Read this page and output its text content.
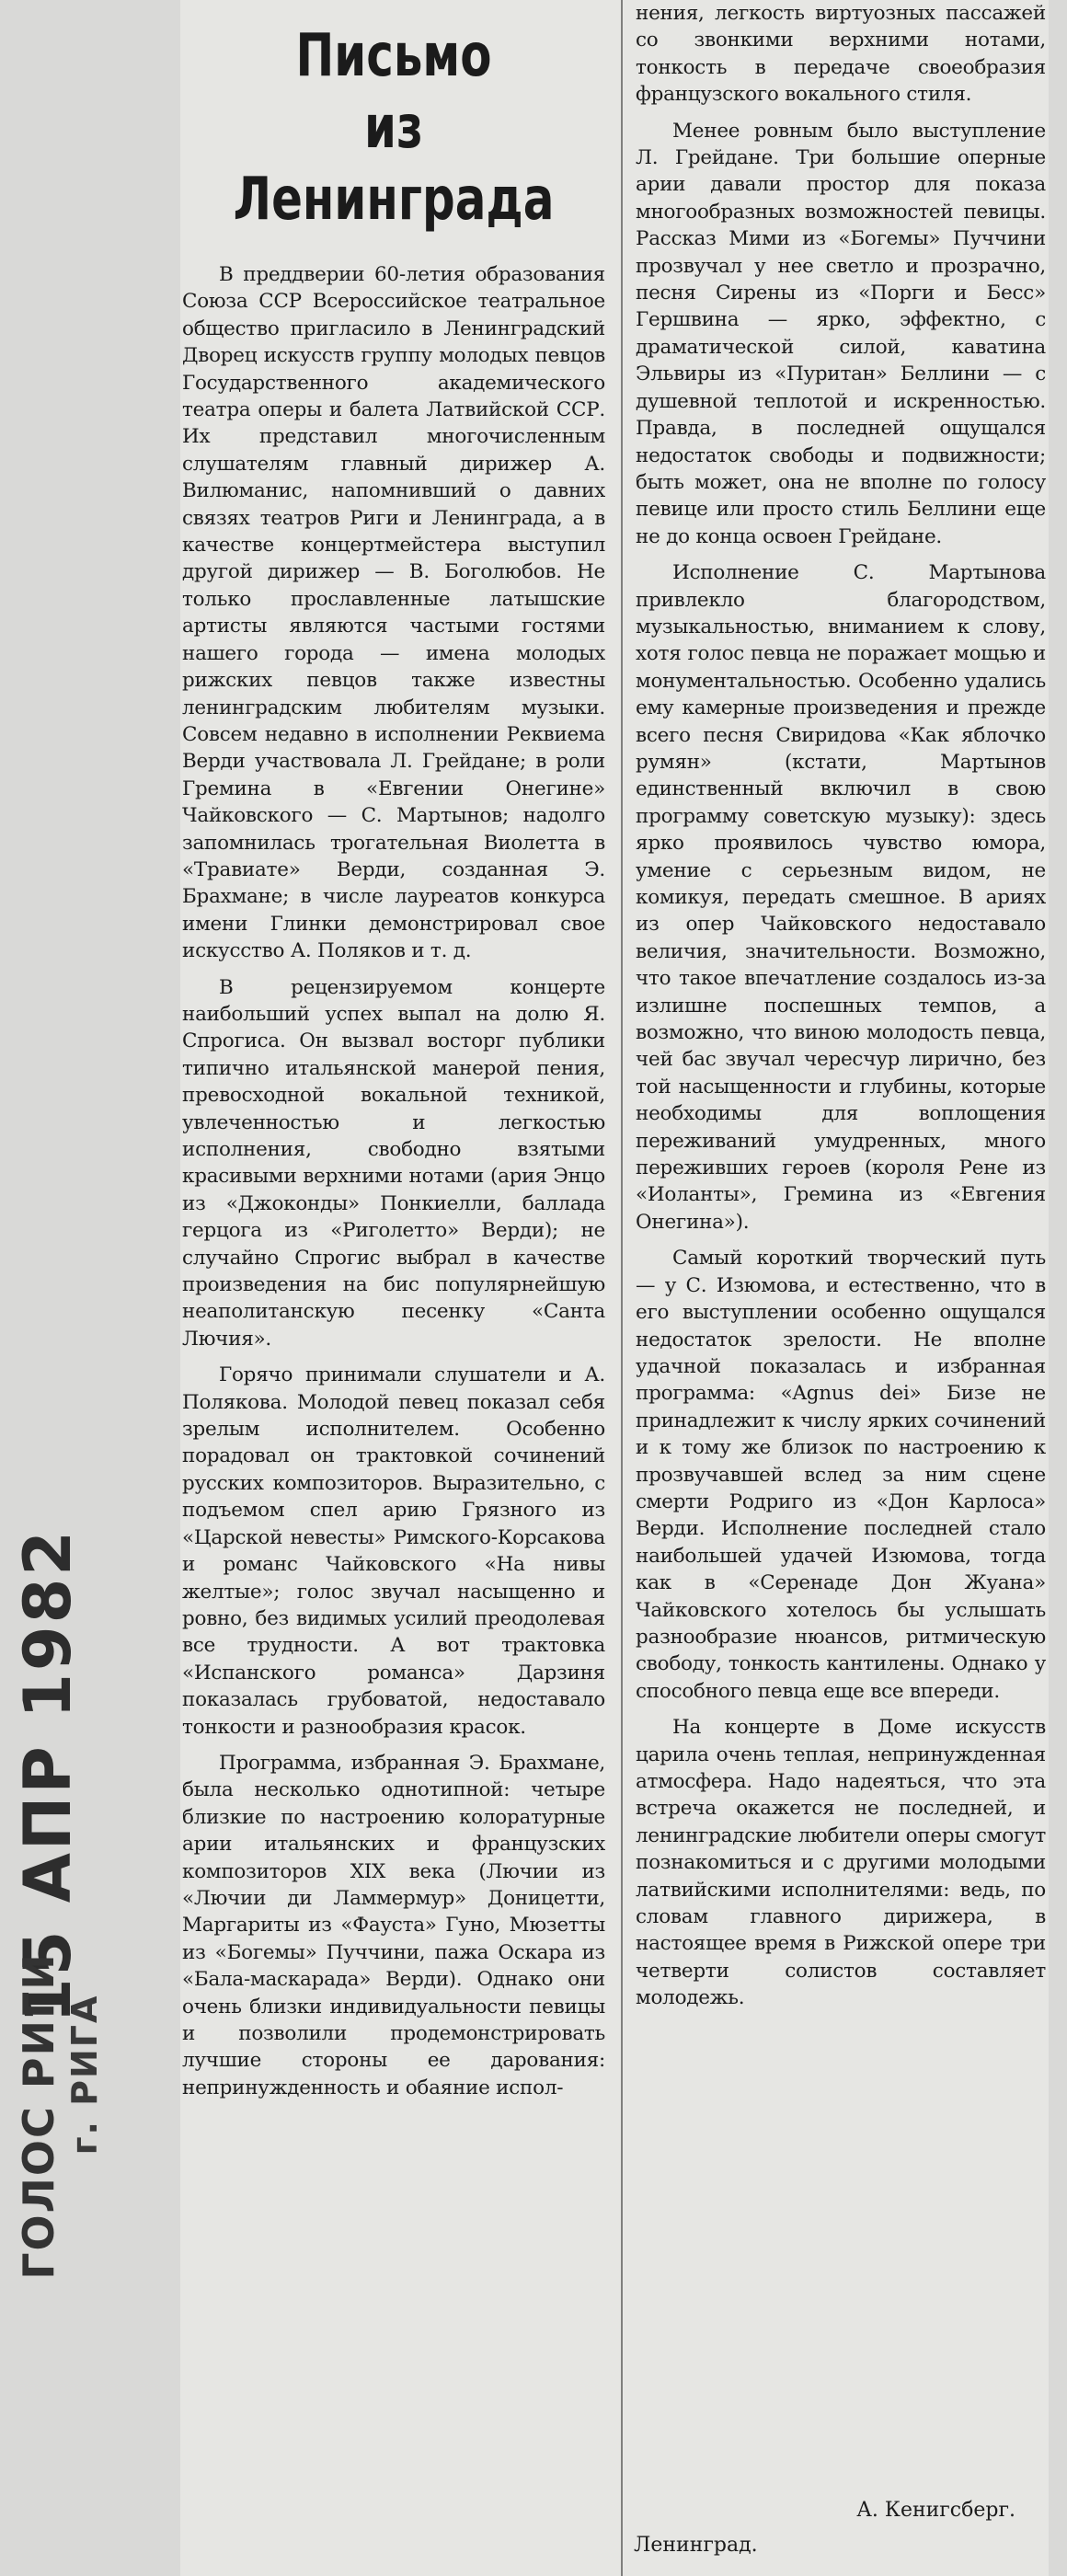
15 АПР 1982
ГОЛОС РИГИ г. РИГА
Письмо
из Ленинграда

В преддверии 60-летия образования Союза ССР Всероссийское театральное общество пригласило в Ленинградский Дворец искусств группу молодых певцов Государственного академического театра оперы и балета Латвийской ССР. Их представил многочисленным слушателям главный дирижер А. Вилюманис, напомнивший о давних связях театров Риги и Ленинграда, а в качестве концертмейстера выступил другой дирижер — В. Боголюбов. Не только прославленные латышские артисты являются частыми гостями нашего города — имена молодых рижских певцов также известны ленинградским любителям музыки. Совсем недавно в исполнении Реквиема Верди участвовала Л. Грейдане; в роли Гремина в «Евгении Онегине» Чайковского — С. Мартынов; надолго запомнилась трогательная Виолетта в «Травиате» Верди, созданная Э. Брахмане; в числе лауреатов конкурса имени Глинки демонстрировал свое искусство А. Поляков и т. д.

В рецензируемом концерте наибольший успех выпал на долю Я. Спрогиса. Он вызвал восторг публики типично итальянской манерой пения, превосходной вокальной техникой, увлеченностью и легкостью исполнения, свободно взятыми красивыми верхними нотами (ария Энцо из «Джоконды» Понкиелли, баллада герцога из «Риголетто» Верди); не случайно Спрогис выбрал в качестве произведения на бис популярнейшую неаполитанскую песенку «Санта Лючия».

Горячо принимали слушатели и А. Полякова. Молодой певец показал себя зрелым исполнителем. Особенно порадовал он трактовкой сочинений русских композиторов. Выразительно, с подъемом спел арию Грязного из «Царской невесты» Римского-Корсакова и романс Чайковского «На нивы желтые»; голос звучал насыщенно и ровно, без видимых усилий преодолевая все трудности. А вот трактовка «Испанского романса» Дарзиня показалась грубоватой, недоставало тонкости и разнообразия красок.

Программа, избранная Э. Брахмане, была несколько однотипной: четыре близкие по настроению колоратурные арии итальянских и французских композиторов XIX века (Лючии из «Лючии ди Ламмермур» Доницетти, Маргариты из «Фауста» Гуно, Мюзетты из «Богемы» Пуччини, пажа Оскара из «Бала-маскарада» Верди). Однако они очень близки индивидуальности певицы и позволили продемонстрировать лучшие стороны ее дарования: непринужденность и обаяние испол-

нения, легкость виртуозных пассажей со звонкими верхними нотами, тонкость в передаче своеобразия французского вокального стиля.

Менее ровным было выступление Л. Грейдане. Три большие оперные арии давали простор для показа многообразных возможностей певицы. Рассказ Мими из «Богемы» Пуччини прозвучал у нее светло и прозрачно, песня Сирены из «Порги и Бесс» Гершвина — ярко, эффектно, с драматической силой, каватина Эльвиры из «Пуритан» Беллини — с душевной теплотой и искренностью. Правда, в последней ощущался недостаток свободы и подвижности; быть может, она не вполне по голосу певице или просто стиль Беллини еще не до конца освоен Грейдане.

Исполнение С. Мартынова привлекло благородством, музыкальностью, вниманием к слову, хотя голос певца не поражает мощью и монументальностью. Особенно удались ему камерные произведения и прежде всего песня Свиридова «Как яблочко румян» (кстати, Мартынов единственный включил в свою программу советскую музыку): здесь ярко проявилось чувство юмора, умение с серьезным видом, не комикуя, передать смешное. В ариях из опер Чайковского недоставало величия, значительности. Возможно, что такое впечатление создалось из-за излишне поспешных темпов, а возможно, что виною молодость певца, чей бас звучал чересчур лирично, без той насыщенности и глубины, которые необходимы для воплощения переживаний умудренных, много переживших героев (короля Рене из «Иоланты», Гремина из «Евгения Онегина»).

Самый короткий творческий путь — у С. Изюмова, и естественно, что в его выступлении особенно ощущался недостаток зрелости. Не вполне удачной показалась и избранная программа: «Agnus dei» Бизе не принадлежит к числу ярких сочинений и к тому же близок по настроению к прозвучавшей вслед за ним сцене смерти Родриго из «Дон Карлоса» Верди. Исполнение последней стало наибольшей удачей Изюмова, тогда как в «Серенаде Дон Жуана» Чайковского хотелось бы услышать разнообразие нюансов, ритмическую свободу, тонкость кантилены. Однако у способного певца еще все впереди.

На концерте в Доме искусств царила очень теплая, непринужденная атмосфера. Надо надеяться, что эта встреча окажется не последней, и ленинградские любители оперы смогут познакомиться и с другими молодыми латвийскими исполнителями: ведь, по словам главного дирижера, в настоящее время в Рижской опере три четверти солистов составляет молодежь.

А. Кенигсберг.
Ленинград.
